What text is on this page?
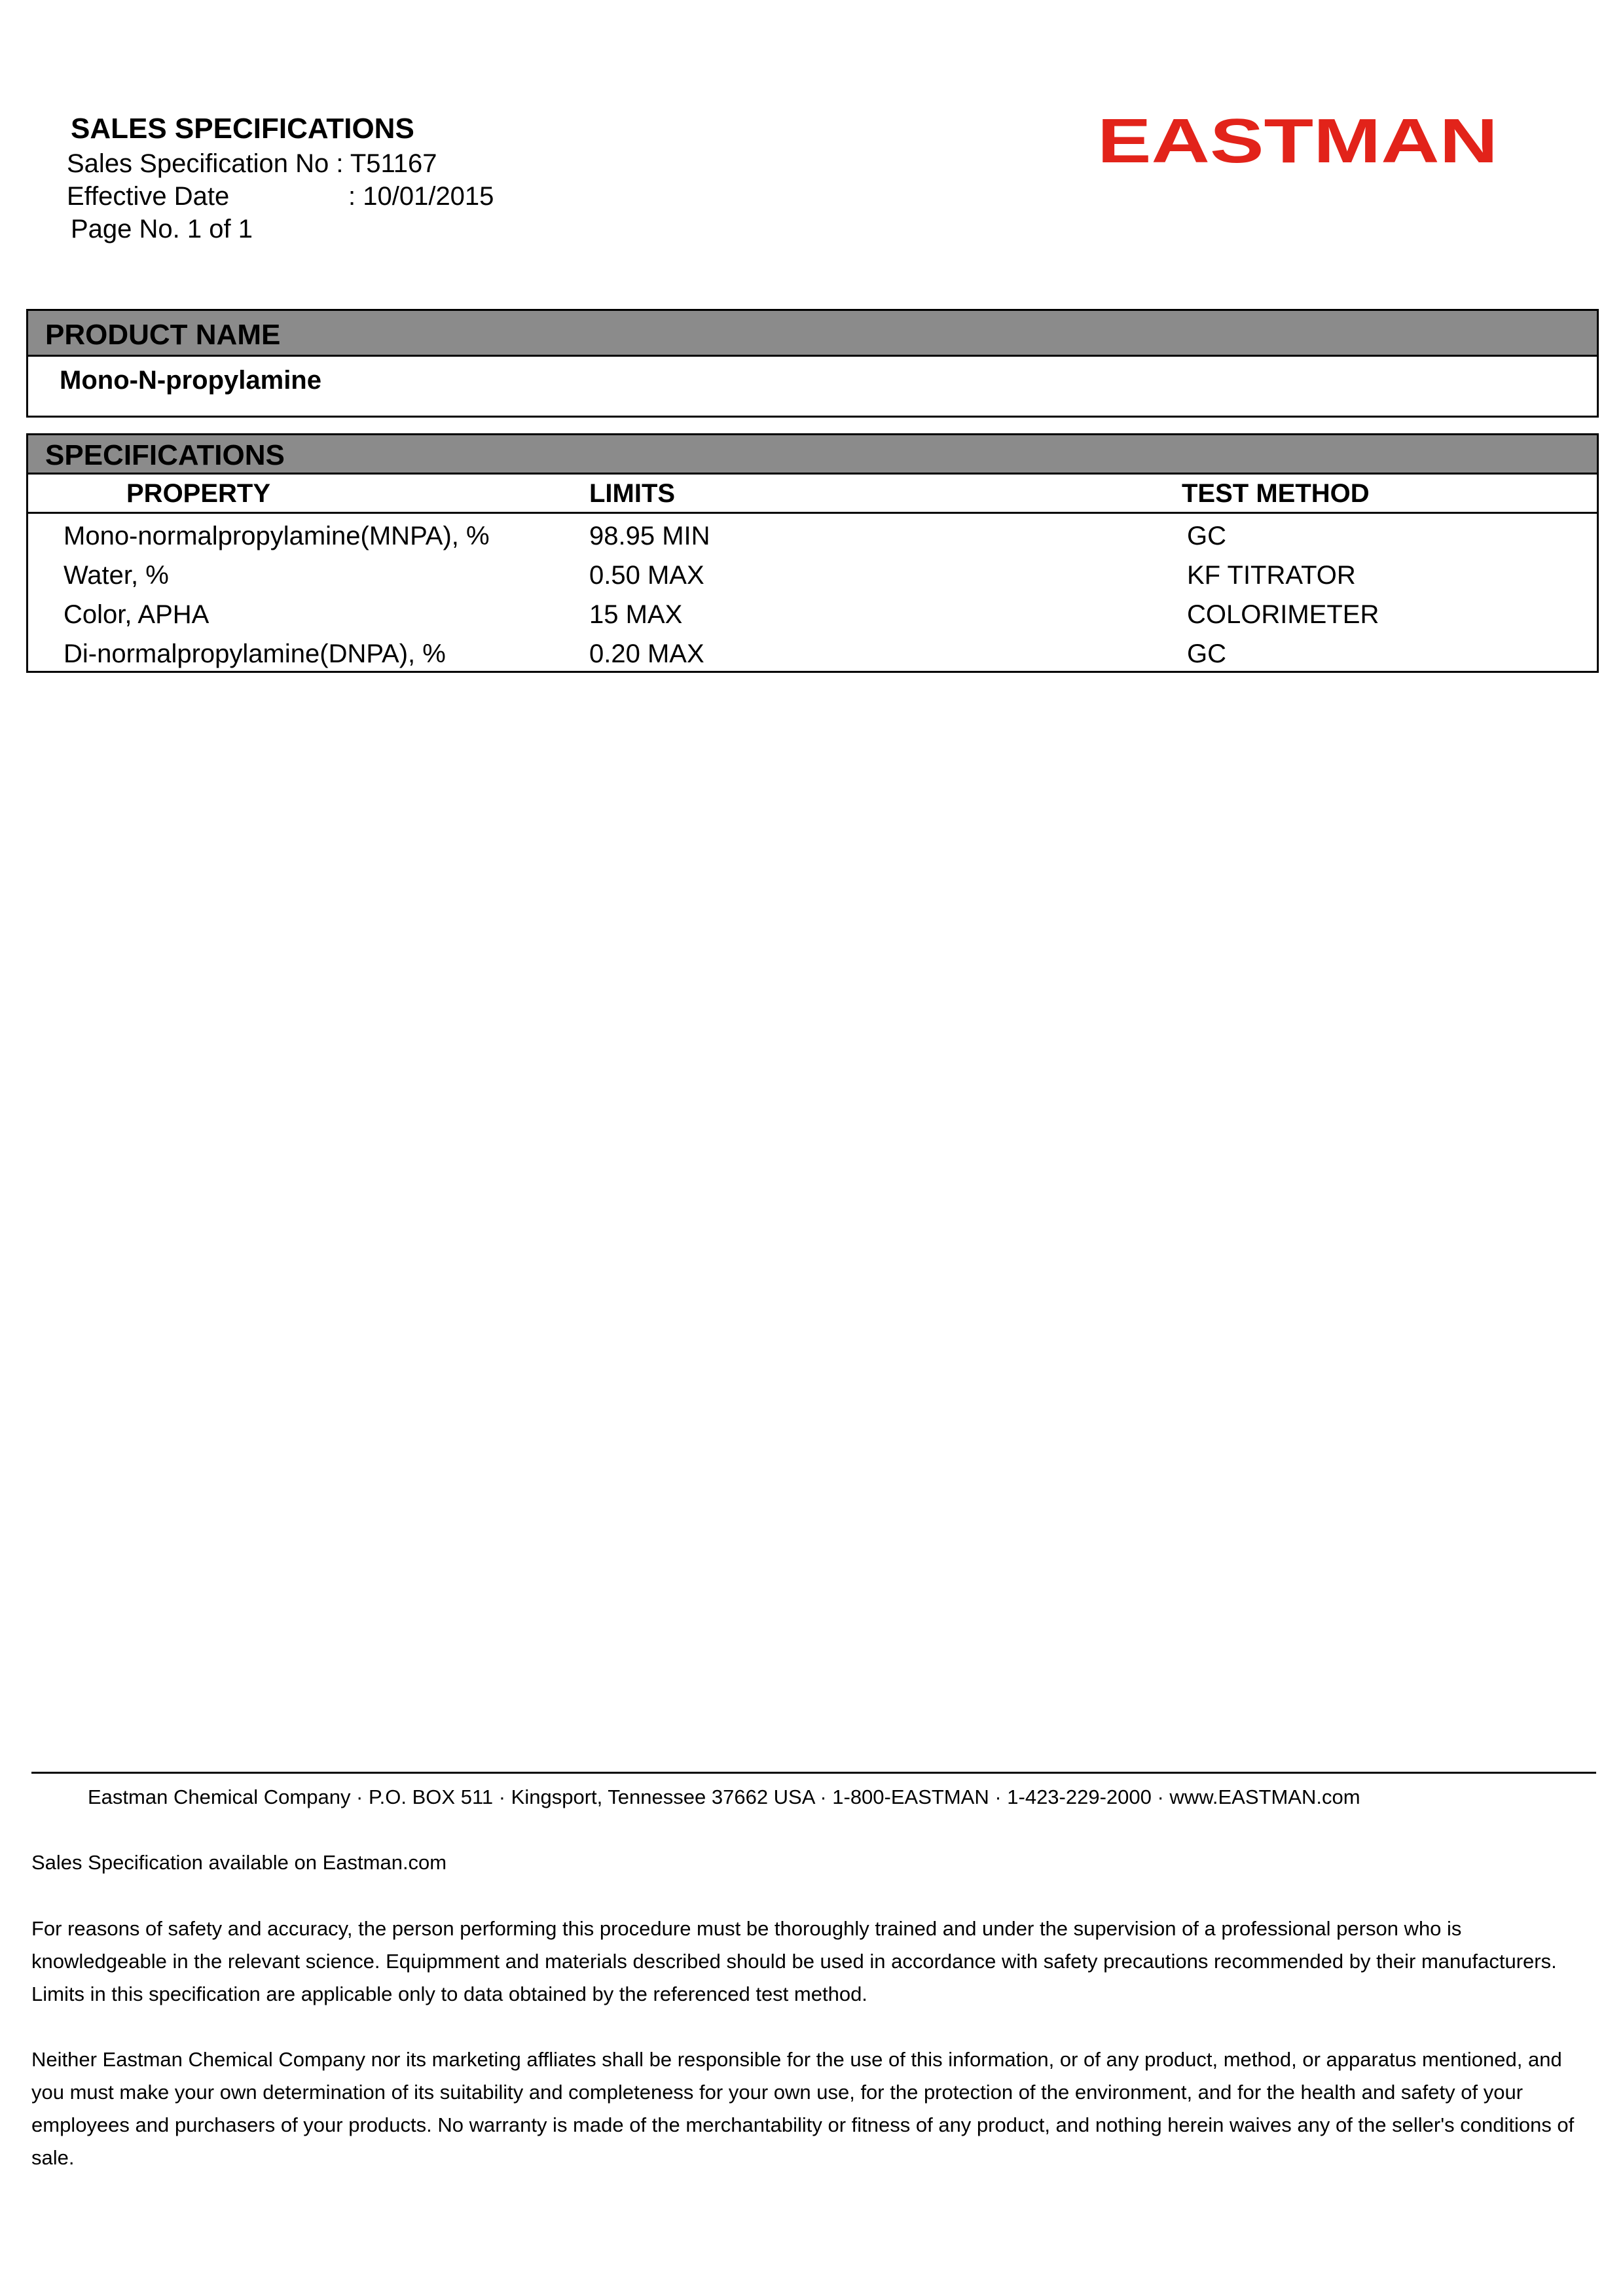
SALES SPECIFICATIONS
Sales Specification No : T51167
Effective Date	: 10/01/2015
Page No. 1 of 1
EASTMAN
PRODUCT NAME
Mono-N-propylamine
SPECIFICATIONS
PROPERTY	LIMITS	TEST METHOD
Mono-normalpropylamine(MNPA), %	98.95 MIN	GC
Water, %	0.50 MAX	KF TITRATOR
Color, APHA	15 MAX	COLORIMETER
Di-normalpropylamine(DNPA), %	0.20 MAX	GC
Eastman Chemical Company · P.O. BOX 511 · Kingsport, Tennessee 37662 USA · 1-800-EASTMAN · 1-423-229-2000 · www.EASTMAN.com
Sales Specification available on Eastman.com
For reasons of safety and accuracy, the person performing this procedure must be thoroughly trained and under the supervision of a professional person who is knowledgeable in the relevant science. Equipmment and materials described should be used in accordance with safety precautions recommended by their manufacturers. Limits in this specification are applicable only to data obtained by the referenced test method.
Neither Eastman Chemical Company nor its marketing affliates shall be responsible for the use of this information, or of any product, method, or apparatus mentioned, and you must make your own determination of its suitability and completeness for your own use, for the protection of the environment, and for the health and safety of your employees and purchasers of your products. No warranty is made of the merchantability or fitness of any product, and nothing herein waives any of the seller's conditions of sale.
